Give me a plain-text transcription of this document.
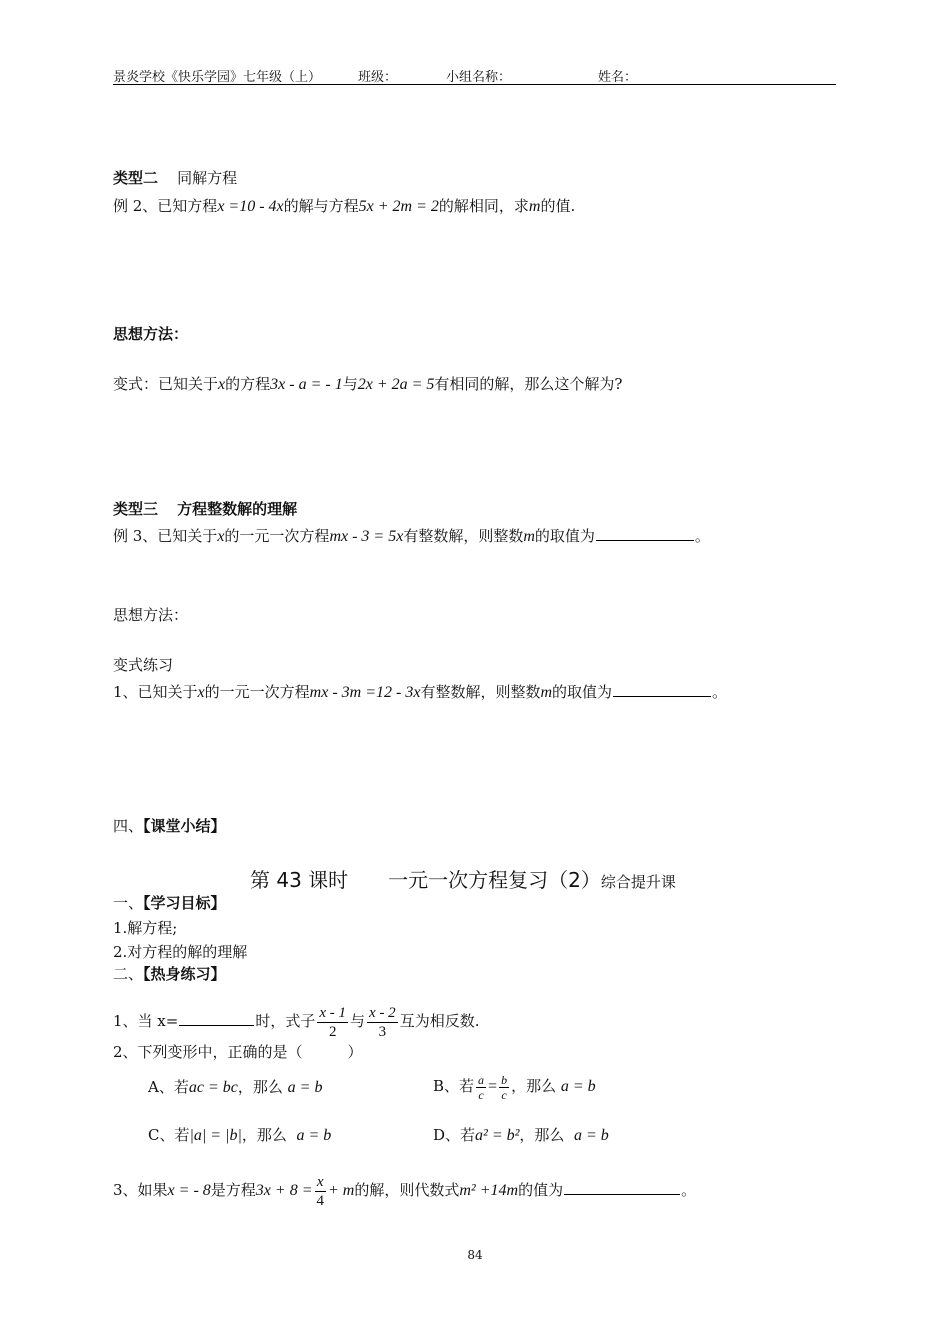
景炎学校《快乐学园》七年级（上）	班级：	小组名称：	姓名：
类型二 同解方程
例 2、已知方程x =10 - 4x的解与方程5x + 2m = 2的解相同，求m的值.
思想方法：
变式：已知关于x的方程3x - a = - 1与2x + 2a = 5有相同的解，那么这个解为?
类型三 方程整数解的理解
例 3、已知关于x的一元一次方程mx - 3 = 5x有整数解，则整数m的取值为	。
思想方法：
变式练习
1、已知关于x的一元一次方程mx - 3m =12 - 3x有整数解，则整数m的取值为	。
四、【课堂小结】
第 43 课时　　一元一次方程复习（2）综合提升课
一、【学习目标】
1.解方程;
2.对方程的解的理解
二、【热身练习】
1、当 x=	时，式子 $\frac{x - 1}{2}$ 与 $\frac{x - 2}{3}$ 互为相反数.
2、下列变形中，正确的是（　　　）
A、若ac = bc，那么 a = b	B、若 $\frac{a}{c} = \frac{b}{c}$ ，那么 a = b
C、若|a| = |b|，那么 a = b	D、若a² = b²，那么 a = b
3、如果x = - 8是方程$3x + 8 = \frac{x}{4} + m$的解，则代数式m² +14m的值为	。
84
